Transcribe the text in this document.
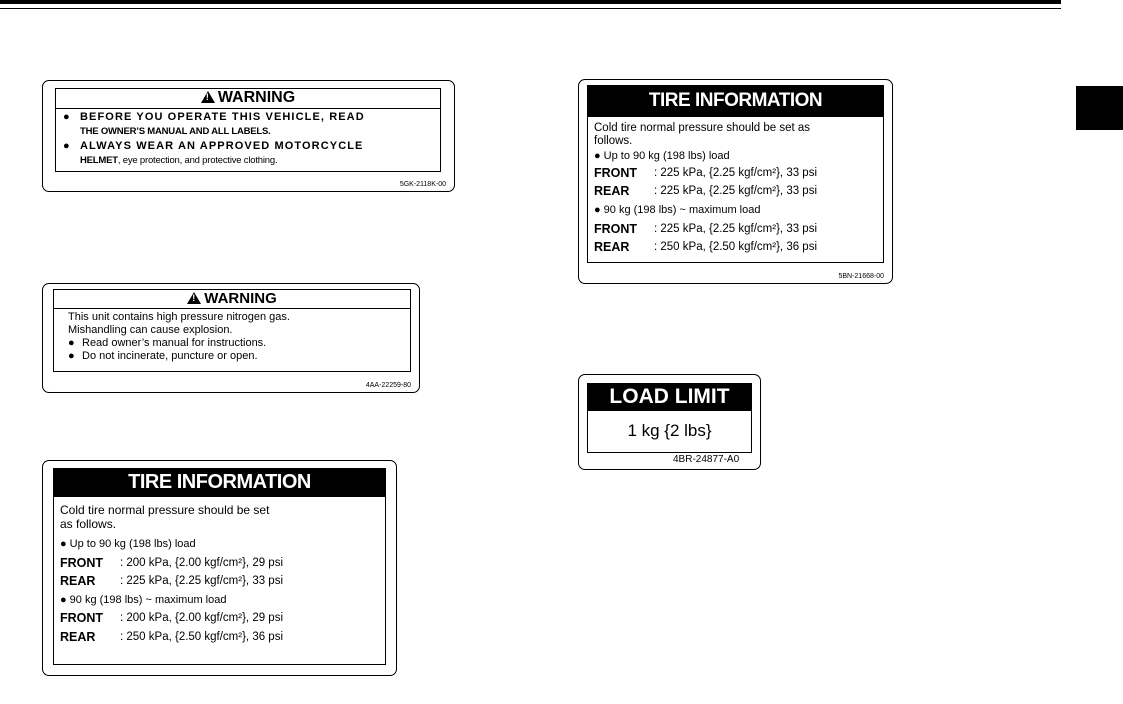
!WARNING
● BEFORE YOU OPERATE THIS VEHICLE, READ
THE OWNER’S MANUAL AND ALL LABELS.
● ALWAYS WEAR AN APPROVED MOTORCYCLE
HELMET, eye protection, and protective clothing.
5GK-2118K-00
!WARNING
This unit contains high pressure nitrogen gas.
Mishandling can cause explosion.
● Read owner’s manual for instructions.
● Do not incinerate, puncture or open.
4AA-22259-80
TIRE INFORMATION
Cold tire normal pressure should be set
as follows.
● Up to 90 kg (198 lbs) load
FRONT	: 200 kPa, {2.00 kgf/cm²}, 29 psi
REAR	: 225 kPa, {2.25 kgf/cm²}, 33 psi
● 90 kg (198 lbs) ~ maximum load
FRONT	: 200 kPa, {2.00 kgf/cm²}, 29 psi
REAR	: 250 kPa, {2.50 kgf/cm²}, 36 psi
TIRE INFORMATION
Cold tire normal pressure should be set as
follows.
● Up to 90 kg (198 lbs) load
FRONT	: 225 kPa, {2.25 kgf/cm²}, 33 psi
REAR	: 225 kPa, {2.25 kgf/cm²}, 33 psi
● 90 kg (198 lbs) ~ maximum load
FRONT	: 225 kPa, {2.25 kgf/cm²}, 33 psi
REAR	: 250 kPa, {2.50 kgf/cm²}, 36 psi
5BN-21668-00
LOAD LIMIT
1 kg {2 lbs}
4BR-24877-A0
